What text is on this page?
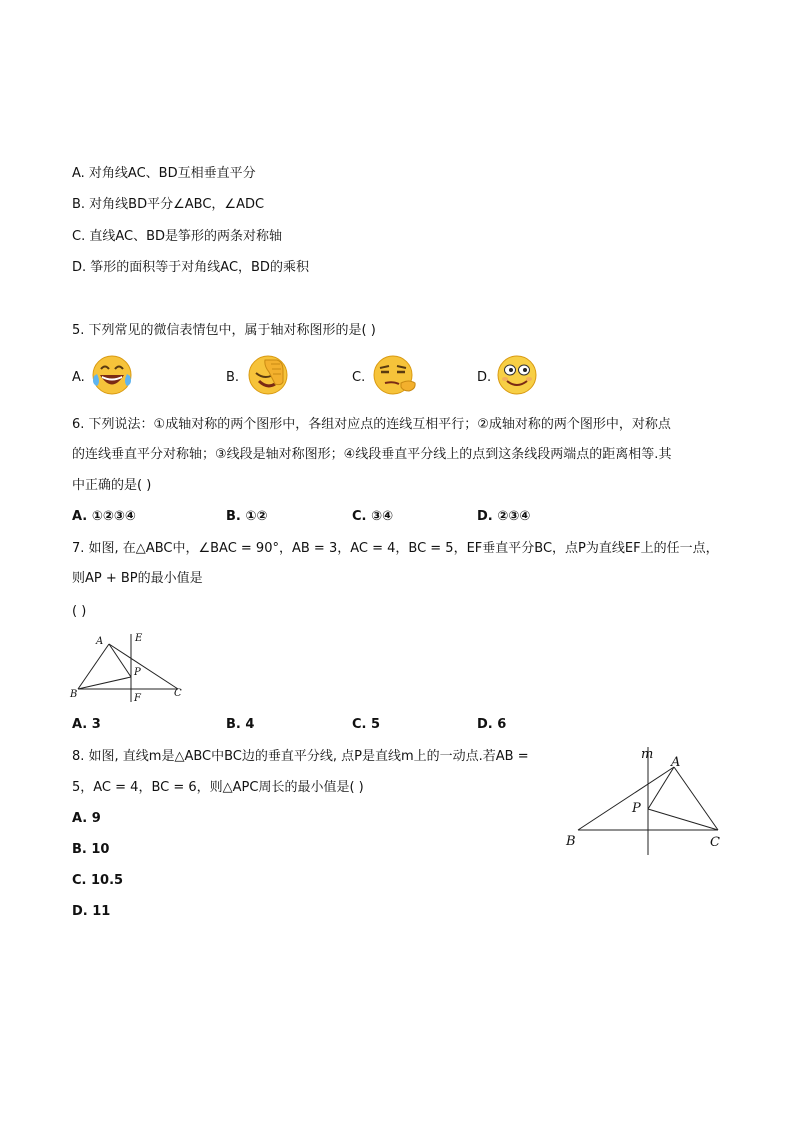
A. 对角线AC、BD互相垂直平分
B. 对角线BD平分∠ABC，∠ADC
C. 直线AC、BD是筝形的两条对称轴
D. 筝形的面积等于对角线AC，BD的乘积
5. 下列常见的微信表情包中，属于轴对称图形的是( )
A.	B.	C.	D.
6. 下列说法：①成轴对称的两个图形中，各组对应点的连线互相平行；②成轴对称的两个图形中，对称点
的连线垂直平分对称轴；③线段是轴对称图形；④线段垂直平分线上的点到这条线段两端点的距离相等.其
中正确的是( )
A. ①②③④	B. ①②	C. ③④	D. ②③④
7. 如图, 在△ABC中，∠BAC = 90°，AB = 3，AC = 4，BC = 5，EF垂直平分BC，点P为直线EF上的任一点，
则AP + BP的最小值是
( )
A	E
P
B	F	C
A. 3	B. 4	C. 5	D. 6
8. 如图, 直线m是△ABC中BC边的垂直平分线, 点P是直线m上的一动点.若AB =
5，AC = 4，BC = 6，则△APC周长的最小值是( )
A. 9
B. 10
C. 10.5
D. 11
m
A
P
B	C
